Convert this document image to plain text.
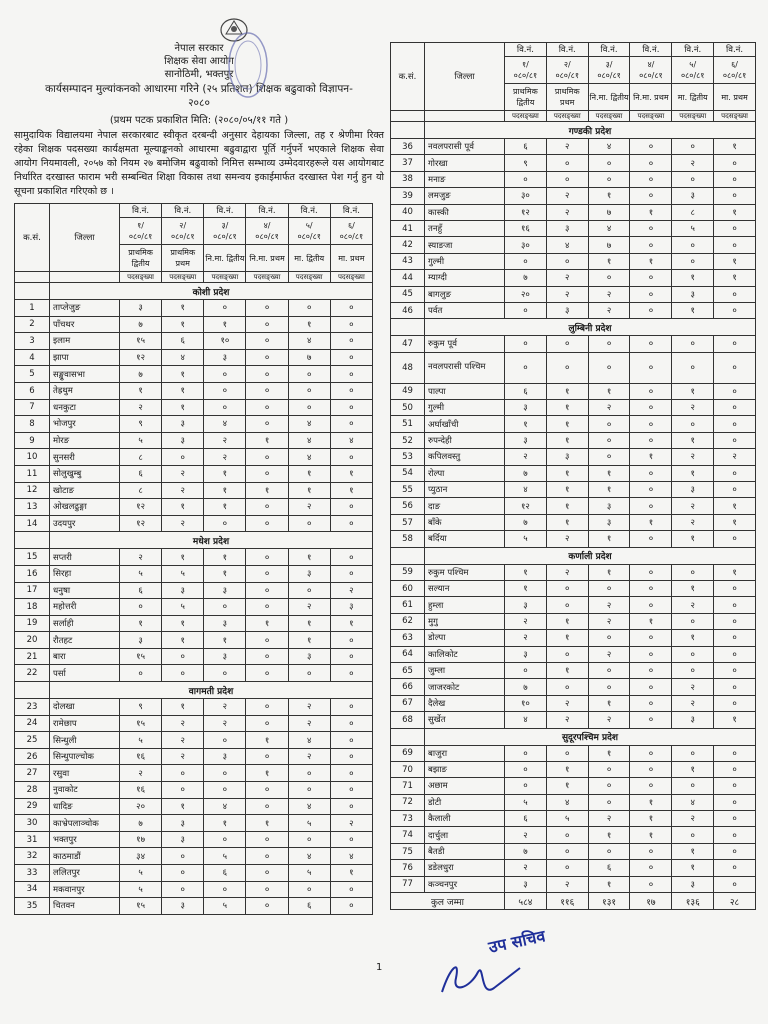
नेपाल सरकार
शिक्षक सेवा आयोग
सानोठिमी, भक्तपुर
कार्यसम्पादन मुल्यांकनको आधारमा गरिने (२५ प्रतिशत) शिक्षक बढुवाको विज्ञापन-
२०८०
(प्रथम पटक प्रकाशित मिति: (२०८०/०५/११ गते )
सामुदायिक विद्यालयमा नेपाल सरकारबाट स्वीकृत दरबन्दी अनुसार देहायका जिल्ला, तह र श्रेणीमा रिक्त रहेका शिक्षक पदसख्या कार्यक्षमता मूल्याङ्कनको आधारमा बढुवाद्वारा पूर्ति गर्नुपर्ने भएकाले शिक्षक सेवा आयोग नियमावली, २०५७ को नियम २७ बमोजिम बढुवाको निमित्त सम्भाव्य उम्मेदवारहरूले यस आयोगबाट निर्धारित दरखास्त फाराम भरी सम्बन्धित शिक्षा विकास तथा समन्वय इकाईमार्फत दरखास्त पेश गर्नु हुन यो सूचना प्रकाशित गरिएको छ ।
क.सं.	जिल्ला	वि.नं.	वि.नं.	वि.नं.	वि.नं.	वि.नं.	वि.नं.
		१/
०८०/८१	२/
०८०/८१	३/
०८०/८१	४/
०८०/८१	५/
०८०/८१	६/
०८०/८१
		प्राथमिक द्वितीय	प्राथमिक प्रथम	नि.मा. द्वितीय	नि.मा. प्रथम	मा. द्वितीय	मा. प्रथम
		पदसङ्ख्या	पदसङ्ख्या	पदसङ्ख्या	पदसङ्ख्या	पदसङ्ख्या	पदसङ्ख्या
	कोशी प्रदेश						
1	ताप्लेजुङ	३	१	०	०	०	०
2	पाँचथर	७	१	१	०	१	०
3	इलाम	१५	६	१०	०	४	०
4	झापा	१२	४	३	०	७	०
5	सङ्खुवासभा	७	१	०	०	०	०
6	तेह्रथुम	१	१	०	०	०	०
7	धनकुटा	२	१	०	०	०	०
8	भोजपुर	९	३	४	०	४	०
9	मोरङ	५	३	२	१	४	४
10	सुनसरी	८	०	२	०	४	०
11	सोलुखुम्बु	६	२	१	०	१	१
12	खोटाङ	८	२	१	१	१	१
13	ओखलढुङ्गा	१२	१	१	०	२	०
14	उदयपुर	१२	२	०	०	०	०
	मधेश प्रदेश						
15	सप्तरी	२	१	१	०	१	०
16	सिरहा	५	५	१	०	३	०
17	धनुषा	६	३	३	०	०	२
18	महोत्तरी	०	५	०	०	२	३
19	सर्लाही	१	१	३	१	१	१
20	रौतहट	३	१	१	०	१	०
21	बारा	१५	०	३	०	३	०
22	पर्सा	०	०	०	०	०	०
	वागमती प्रदेश						
23	दोलखा	९	१	२	०	२	०
24	रामेछाप	१५	२	२	०	२	०
25	सिन्धुली	५	२	०	१	४	०
26	सिन्धुपाल्चोक	१६	२	३	०	२	०
27	रसुवा	२	०	०	१	०	०
28	नुवाकोट	१६	०	०	०	०	०
29	धादिङ	२०	१	४	०	४	०
30	काभ्रेपलाञ्चोक	७	३	१	१	५	२
31	भक्तपुर	१७	३	०	०	०	०
32	काठमाडौं	३४	०	५	०	४	४
33	ललितपुर	५	०	६	०	५	१
34	मकवानपुर	५	०	०	०	०	०
35	चितवन	१५	३	५	०	६	०
क.सं.	जिल्ला	वि.नं.	वि.नं.	वि.नं.	वि.नं.	वि.नं.	वि.नं.
		१/
०८०/८१	२/
०८०/८१	३/
०८०/८१	४/
०८०/८१	५/
०८०/८१	६/
०८०/८१
		प्राथमिक द्वितीय	प्राथमिक प्रथम	नि.मा. द्वितीय	नि.मा. प्रथम	मा. द्वितीय	मा. प्रथम
		पदसङ्ख्या	पदसङ्ख्या	पदसङ्ख्या	पदसङ्ख्या	पदसङ्ख्या	पदसङ्ख्या
	गण्डकी प्रदेश						
36	नवलपरासी पूर्व	६	२	४	०	०	१
37	गोरखा	९	०	०	०	२	०
38	मनाङ	०	०	०	०	०	०
39	लमजुङ	३०	२	१	०	३	०
40	कास्की	१२	२	७	१	८	१
41	तनहुँ	१६	३	४	०	५	०
42	स्याङजा	३०	४	७	०	०	०
43	गुल्मी	०	०	१	१	०	१
44	म्याग्दी	७	२	०	०	१	१
45	बागलुङ	२०	२	२	०	३	०
46	पर्वत	०	३	२	०	१	०
	लुम्बिनी प्रदेश						
47	रुकुम पूर्व	०	०	०	०	०	०
48	नवलपरासी पश्चिम	०	०	०	०	०	०
49	पाल्पा	६	१	१	०	१	०
50	गुल्मी	३	१	२	०	२	०
51	अर्घाखाँची	१	१	०	०	०	०
52	रुपन्देही	३	१	०	०	१	०
53	कपिलवस्तु	२	३	०	१	२	२
54	रोल्पा	७	१	१	०	१	०
55	प्युठान	४	१	१	०	३	०
56	दाङ	१२	१	३	०	२	१
57	बाँके	७	१	३	१	२	१
58	बर्दिया	५	२	१	०	१	०
	कर्णाली प्रदेश						
59	रुकुम पश्चिम	१	२	१	०	०	१
60	सल्यान	१	०	०	०	१	०
61	हुम्ला	३	०	२	०	२	०
62	मुगु	२	१	२	१	०	०
63	डोल्पा	२	१	०	०	१	०
64	कालिकोट	३	०	२	०	०	०
65	जुम्ला	०	१	०	०	०	०
66	जाजरकोट	७	०	०	०	२	०
67	दैलेख	१०	२	१	०	२	०
68	सुर्खेत	४	२	२	०	३	१
	सुदूरपश्चिम प्रदेश						
69	बाजुरा	०	०	१	०	०	०
70	बझाङ	०	१	०	०	१	०
71	अछाम	०	१	०	०	०	०
72	डोटी	५	४	०	१	४	०
73	कैलाली	६	५	२	१	२	०
74	दार्चुला	२	०	१	१	०	०
75	बैतडी	७	०	०	०	१	०
76	डडेलधुरा	२	०	६	०	१	०
77	कञ्चनपुर	३	२	१	०	३	०
कुल जम्मा		५८४	११६	१३१	१७	१३६	२८
1
उप सचिव
